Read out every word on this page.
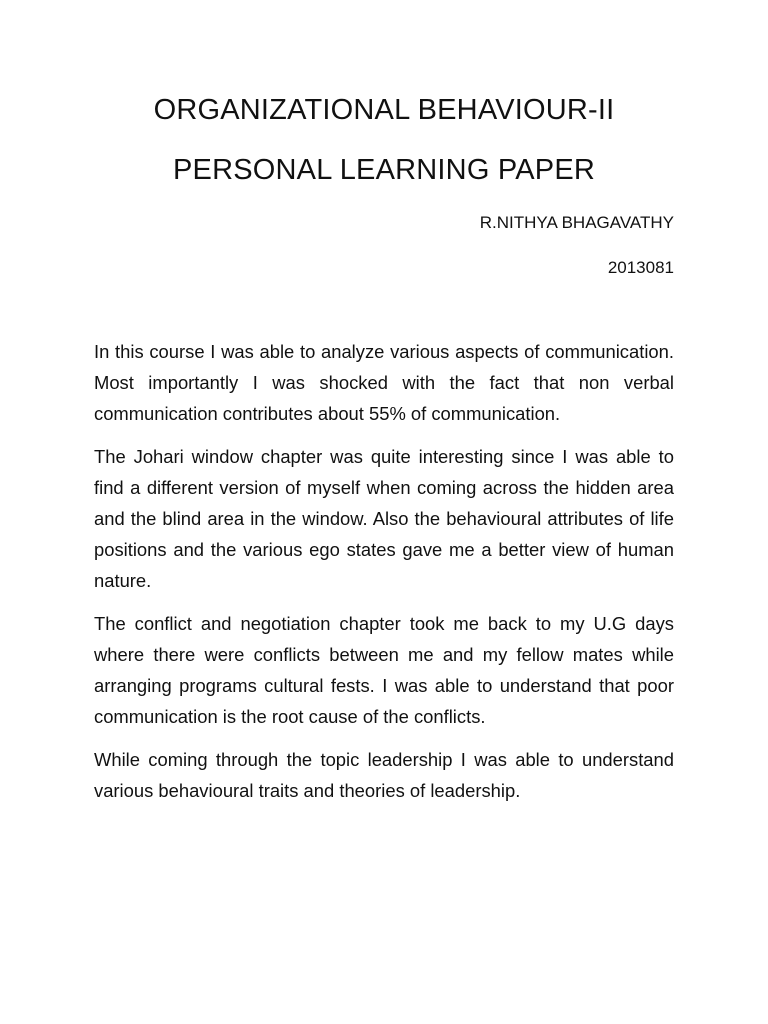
ORGANIZATIONAL BEHAVIOUR-II
PERSONAL LEARNING PAPER
R.NITHYA BHAGAVATHY
2013081

In this course I was able to analyze various aspects of communication. Most importantly I was shocked with the fact that non verbal communication contributes about 55% of communication.

The Johari window chapter was quite interesting since I was able to find a different version of myself when coming across the hidden area and the blind area in the window. Also the behavioural attributes of life positions and the various ego states gave me a better view of human nature.

The conflict and negotiation chapter took me back to my U.G days where there were conflicts between me and my fellow mates while arranging programs cultural fests. I was able to understand that poor communication is the root cause of the conflicts.

While coming through the topic leadership I was able to understand various behavioural traits and theories of leadership.
